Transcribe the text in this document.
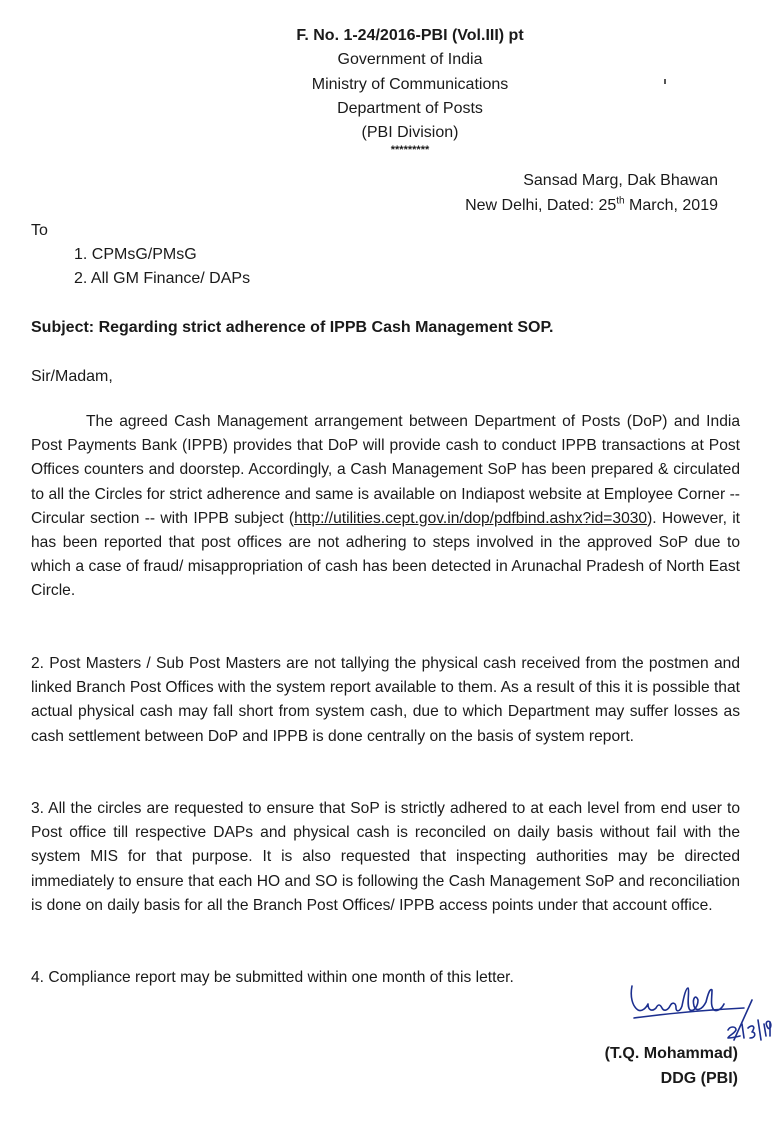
F. No. 1-24/2016-PBI (Vol.III) pt
Government of India
Ministry of Communications
Department of Posts
(PBI Division)
*********
Sansad Marg, Dak Bhawan
New Delhi, Dated: 25th March, 2019
To
1. CPMsG/PMsG
2. All GM Finance/ DAPs
Subject: Regarding strict adherence of IPPB Cash Management SOP.
Sir/Madam,
The agreed Cash Management arrangement between Department of Posts (DoP) and India Post Payments Bank (IPPB) provides that DoP will provide cash to conduct IPPB transactions at Post Offices counters and doorstep. Accordingly, a Cash Management SoP has been prepared & circulated to all the Circles for strict adherence and same is available on Indiapost website at Employee Corner -- Circular section -- with IPPB subject (http://utilities.cept.gov.in/dop/pdfbind.ashx?id=3030). However, it has been reported that post offices are not adhering to steps involved in the approved SoP due to which a case of fraud/ misappropriation of cash has been detected in Arunachal Pradesh of North East Circle.
2. Post Masters / Sub Post Masters are not tallying the physical cash received from the postmen and linked Branch Post Offices with the system report available to them. As a result of this it is possible that actual physical cash may fall short from system cash, due to which Department may suffer losses as cash settlement between DoP and IPPB is done centrally on the basis of system report.
3. All the circles are requested to ensure that SoP is strictly adhered to at each level from end user to Post office till respective DAPs and physical cash is reconciled on daily basis without fail with the system MIS for that purpose. It is also requested that inspecting authorities may be directed immediately to ensure that each HO and SO is following the Cash Management SoP and reconciliation is done on daily basis for all the Branch Post Offices/ IPPB access points under that account office.
4. Compliance report may be submitted within one month of this letter.
(T.Q. Mohammad)
DDG (PBI)
